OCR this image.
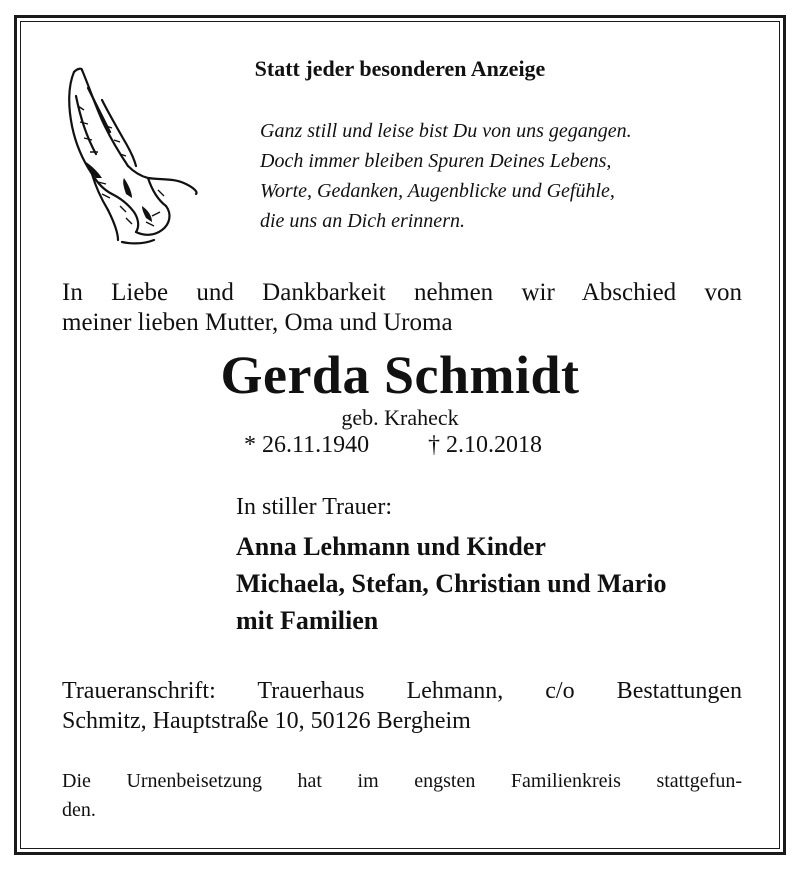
Statt jeder besonderen Anzeige
Ganz still und leise bist Du von uns gegangen.
Doch immer bleiben Spuren Deines Lebens,
Worte, Gedanken, Augenblicke und Gefühle,
die uns an Dich erinnern.
In Liebe und Dankbarkeit nehmen wir Abschied von
meiner lieben Mutter, Oma und Uroma
Gerda Schmidt
geb. Kraheck
* 26.11.1940 † 2.10.2018
In stiller Trauer:
Anna Lehmann und Kinder
Michaela, Stefan, Christian und Mario
mit Familien
Traueranschrift: Trauerhaus Lehmann, c/o Bestattungen
Schmitz, Hauptstraße 10, 50126 Bergheim
Die Urnenbeisetzung hat im engsten Familienkreis stattgefun-
den.
